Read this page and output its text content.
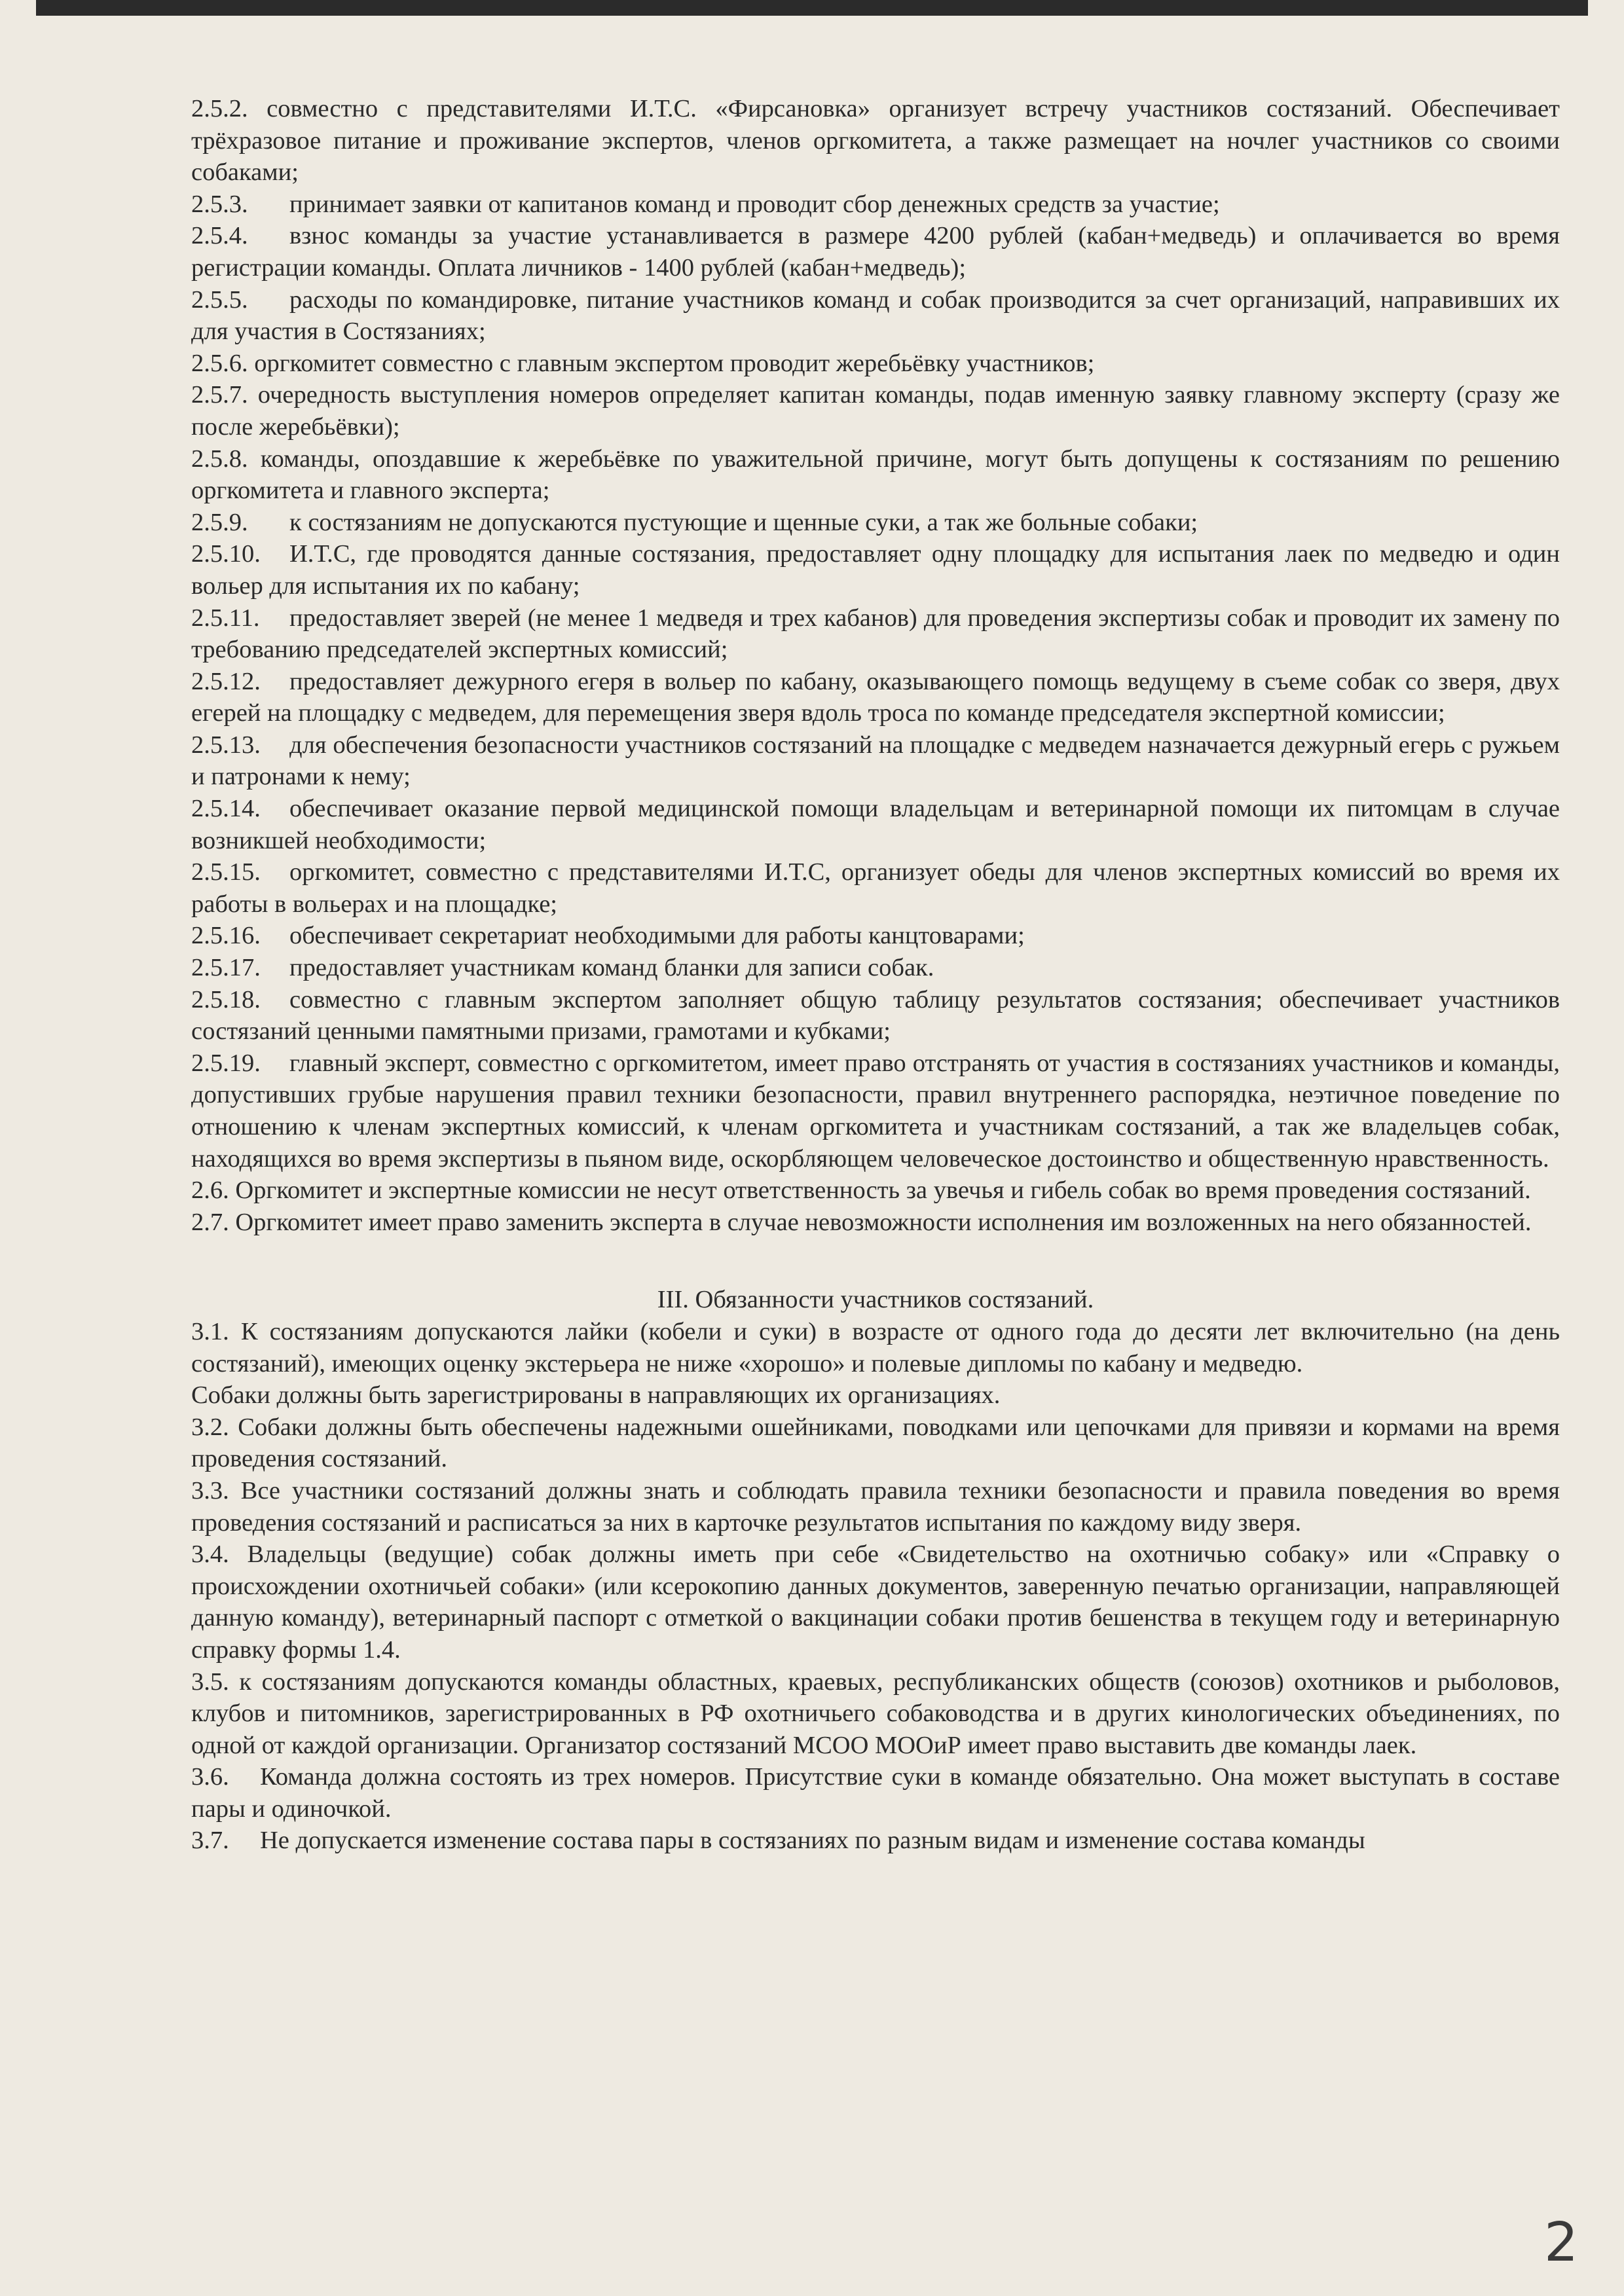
2.5.2. совместно с представителями И.Т.С. «Фирсановка» организует встречу участников состязаний. Обеспечивает трёхразовое питание и проживание экспертов, членов оргкомитета, а также размещает на ночлег участников со своими собаками;

2.5.3. принимает заявки от капитанов команд и проводит сбор денежных средств за участие;

2.5.4. взнос команды за участие устанавливается в размере 4200 рублей (кабан+медведь) и оплачивается во время регистрации команды. Оплата личников - 1400 рублей (кабан+медведь);

2.5.5. расходы по командировке, питание участников команд и собак производится за счет организаций, направивших их для участия в Состязаниях;

2.5.6. оргкомитет совместно с главным экспертом проводит жеребьёвку участников;

2.5.7. очередность выступления номеров определяет капитан команды, подав именную заявку главному эксперту (сразу же после жеребьёвки);

2.5.8. команды, опоздавшие к жеребьёвке по уважительной причине, могут быть допущены к состязаниям по решению оргкомитета и главного эксперта;

2.5.9. к состязаниям не допускаются пустующие и щенные суки, а так же больные собаки;

2.5.10. И.Т.С, где проводятся данные состязания, предоставляет одну площадку для испытания лаек по медведю и один вольер для испытания их по кабану;

2.5.11. предоставляет зверей (не менее 1 медведя и трех кабанов) для проведения экспертизы собак и проводит их замену по требованию председателей экспертных комиссий;

2.5.12. предоставляет дежурного егеря в вольер по кабану, оказывающего помощь ведущему в съеме собак со зверя, двух егерей на площадку с медведем, для перемещения зверя вдоль троса по команде председателя экспертной комиссии;

2.5.13. для обеспечения безопасности участников состязаний на площадке с медведем назначается дежурный егерь с ружьем и патронами к нему;

2.5.14. обеспечивает оказание первой медицинской помощи владельцам и ветеринарной помощи их питомцам в случае возникшей необходимости;

2.5.15. оргкомитет, совместно с представителями И.Т.С, организует обеды для членов экспертных комиссий во время их работы в вольерах и на площадке;

2.5.16. обеспечивает секретариат необходимыми для работы канцтоварами;

2.5.17. предоставляет участникам команд бланки для записи собак.

2.5.18. совместно с главным экспертом заполняет общую таблицу результатов состязания; обеспечивает участников состязаний ценными памятными призами, грамотами и кубками;

2.5.19. главный эксперт, совместно с оргкомитетом, имеет право отстранять от участия в состязаниях участников и команды, допустивших грубые нарушения правил техники безопасности, правил внутреннего распорядка, неэтичное поведение по отношению к членам экспертных комиссий, к членам оргкомитета и участникам состязаний, а так же владельцев собак, находящихся во время экспертизы в пьяном виде, оскорбляющем человеческое достоинство и общественную нравственность.

2.6. Оргкомитет и экспертные комиссии не несут ответственность за увечья и гибель собак во время проведения состязаний.

2.7. Оргкомитет имеет право заменить эксперта в случае невозможности исполнения им возложенных на него обязанностей.

III. Обязанности участников состязаний.

3.1. К состязаниям допускаются лайки (кобели и суки) в возрасте от одного года до десяти лет включительно (на день состязаний), имеющих оценку экстерьера не ниже «хорошо» и полевые дипломы по кабану и медведю.

Собаки должны быть зарегистрированы в направляющих их организациях.

3.2. Собаки должны быть обеспечены надежными ошейниками, поводками или цепочками для привязи и кормами на время проведения состязаний.

3.3. Все участники состязаний должны знать и соблюдать правила техники безопасности и правила поведения во время проведения состязаний и расписаться за них в карточке результатов испытания по каждому виду зверя.

3.4. Владельцы (ведущие) собак должны иметь при себе «Свидетельство на охотничью собаку» или «Справку о происхождении охотничьей собаки» (или ксерокопию данных документов, заверенную печатью организации, направляющей данную команду), ветеринарный паспорт с отметкой о вакцинации собаки против бешенства в текущем году и ветеринарную справку формы 1.4.

3.5. к состязаниям допускаются команды областных, краевых, республиканских обществ (союзов) охотников и рыболовов, клубов и питомников, зарегистрированных в РФ охотничьего собаководства и в других кинологических объединениях, по одной от каждой организации. Организатор состязаний МСОО МООиР имеет право выставить две команды лаек.

3.6. Команда должна состоять из трех номеров. Присутствие суки в команде обязательно. Она может выступать в составе пары и одиночкой.

3.7. Не допускается изменение состава пары в состязаниях по разным видам и изменение состава команды

2
